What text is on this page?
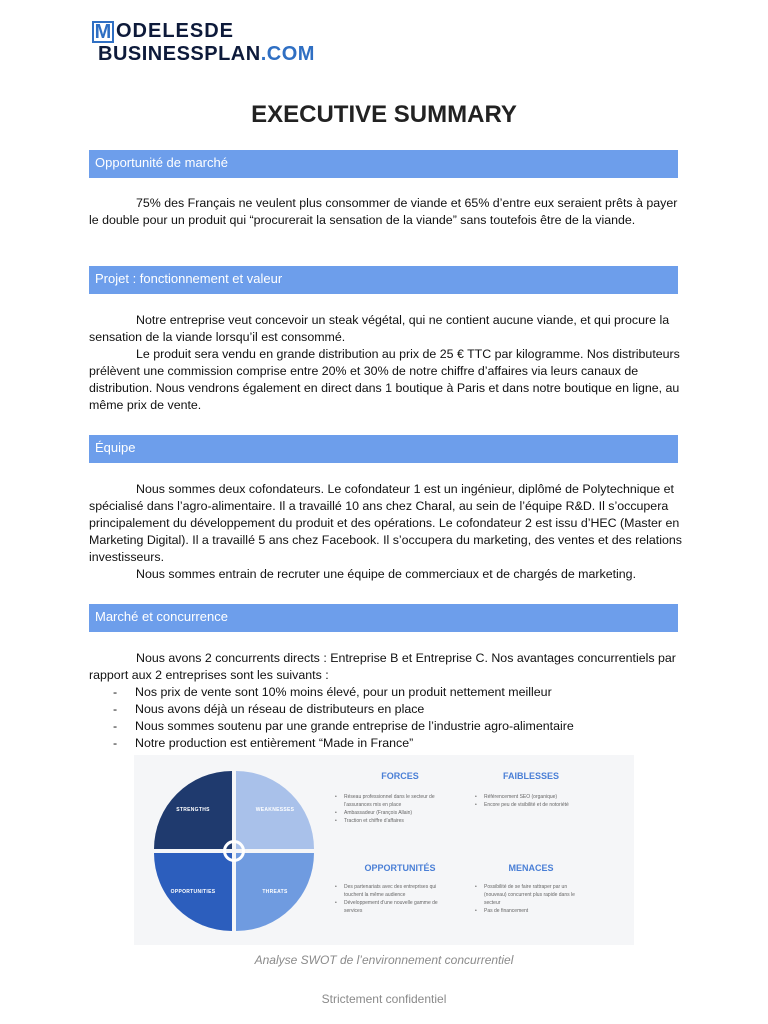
M ODELESDE
BUSINESSPLAN.COM
EXECUTIVE SUMMARY
Opportunité de marché

75% des Français ne veulent plus consommer de viande et 65% d’entre eux seraient prêts à payer le double pour un produit qui “procurerait la sensation de la viande” sans toutefois être de la viande.

Projet : fonctionnement et valeur

Notre entreprise veut concevoir un steak végétal, qui ne contient aucune viande, et qui procure la sensation de la viande lorsqu’il est consommé.

Le produit sera vendu en grande distribution au prix de 25 € TTC par kilogramme. Nos distributeurs prélèvent une commission comprise entre 20% et 30% de notre chiffre d’affaires via leurs canaux de distribution. Nous vendrons également en direct dans 1 boutique à Paris et dans notre boutique en ligne, au même prix de vente.

Équipe

Nous sommes deux cofondateurs. Le cofondateur 1 est un ingénieur, diplômé de Polytechnique et spécialisé dans l’agro-alimentaire. Il a travaillé 10 ans chez Charal, au sein de l’équipe R&D. Il s’occupera principalement du développement du produit et des opérations. Le cofondateur 2 est issu d’HEC (Master en Marketing Digital). Il a travaillé 5 ans chez Facebook. Il s’occupera du marketing, des ventes et des relations investisseurs.

Nous sommes entrain de recruter une équipe de commerciaux et de chargés de marketing.

Marché et concurrence

Nous avons 2 concurrents directs : Entreprise B et Entreprise C. Nos avantages concurrentiels par rapport aux 2 entreprises sont les suivants :

- Nos prix de vente sont 10% moins élevé, pour un produit nettement meilleur
- Nous avons déjà un réseau de distributeurs en place
- Nous sommes soutenu par une grande entreprise de l’industrie agro-alimentaire
- Notre production est entièrement “Made in France”
STRENGTHS	WEAKNESSES
OPPORTUNITIES	THREATS
FORCES
• Réseau professionnel dans le secteur de l’assurances mis en place
• Ambassadeur (François Allain)
• Traction et chiffre d’affaires
FAIBLESSES
• Référencement SEO (organique)
• Encore peu de visibilité et de notoriété
OPPORTUNITÉS
• Des partenariats avec des entreprises qui touchent la même audience
• Développement d’une nouvelle gamme de services
MENACES
• Possibilité de se faire rattraper par un (nouveau) concurrent plus rapide dans le secteur
• Pas de financement
Analyse SWOT de l’environnement concurrentiel
Strictement confidentiel
